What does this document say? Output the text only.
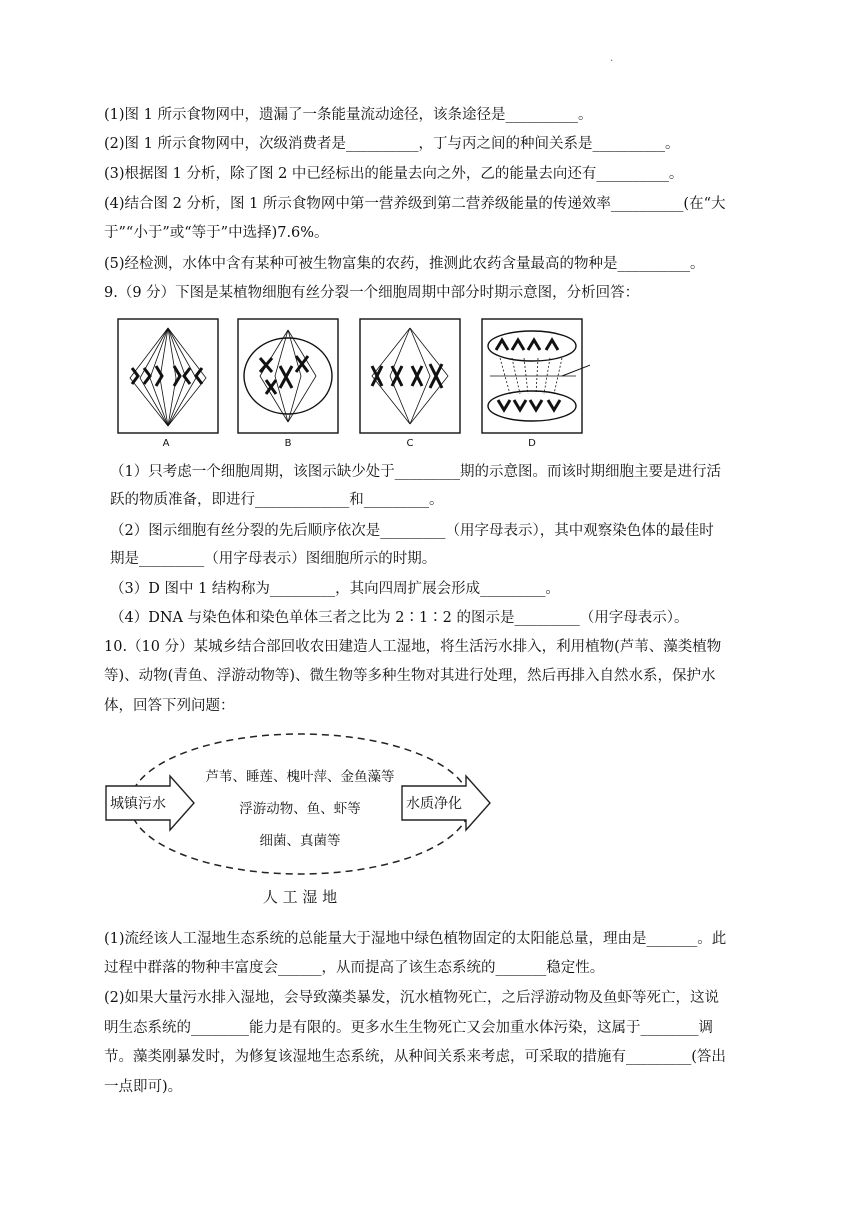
·
(1)图 1 所示食物网中，遗漏了一条能量流动途径，该条途径是__________。
(2)图 1 所示食物网中，次级消费者是__________，丁与丙之间的种间关系是__________。
(3)根据图 1 分析，除了图 2 中已经标出的能量去向之外，乙的能量去向还有__________。
(4)结合图 2 分析，图 1 所示食物网中第一营养级到第二营养级能量的传递效率__________(在“大
于”“小于”或“等于”中选择)7.6%。
(5)经检测，水体中含有某种可被生物富集的农药，推测此农药含量最高的物种是__________。
9.（9 分）下图是某植物细胞有丝分裂一个细胞周期中部分时期示意图，分析回答：
A	B	C	D
（1）只考虑一个细胞周期，该图示缺少处于_________期的示意图。而该时期细胞主要是进行活
跃的物质准备，即进行_____________和_________。
（2）图示细胞有丝分裂的先后顺序依次是_________（用字母表示），其中观察染色体的最佳时
期是_________（用字母表示）图细胞所示的时期。
（3）D 图中 1 结构称为_________，其向四周扩展会形成_________。
（4）DNA 与染色体和染色单体三者之比为 2∶1∶2 的图示是_________（用字母表示）。
10.（10 分）某城乡结合部回收农田建造人工湿地，将生活污水排入，利用植物(芦苇、藻类植物
等)、动物(青鱼、浮游动物等)、微生物等多种生物对其进行处理，然后再排入自然水系，保护水
体，回答下列问题：
城镇污水	水质净化
芦苇、睡莲、槐叶萍、金鱼藻等
浮游动物、鱼、虾等
细菌、真菌等
人 工 湿 地
(1)流经该人工湿地生态系统的总能量大于湿地中绿色植物固定的太阳能总量，理由是_______。此
过程中群落的物种丰富度会______，从而提高了该生态系统的_______稳定性。
(2)如果大量污水排入湿地，会导致藻类暴发，沉水植物死亡，之后浮游动物及鱼虾等死亡，这说
明生态系统的________能力是有限的。更多水生生物死亡又会加重水体污染，这属于________调
节。藻类刚暴发时，为修复该湿地生态系统，从种间关系来考虑，可采取的措施有_________(答出
一点即可)。
